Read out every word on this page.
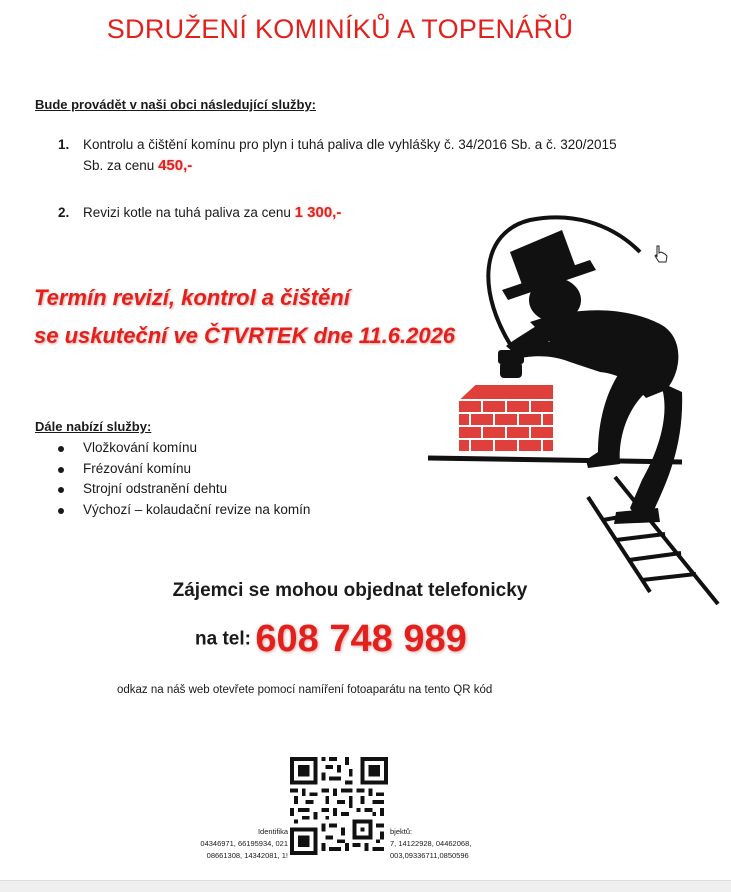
SDRUŽENÍ KOMINÍKŮ A TOPENÁŘŮ
Bude provádět v naši obci následující služby:
1. Kontrolu a čištění komínu pro plyn i tuhá paliva dle vyhlášky č. 34/2016 Sb. a č. 320/2015 Sb. za cenu 450,-
2. Revizi kotle na tuhá paliva za cenu 1 300,-
Termín revizí, kontrol a čištění
se uskuteční ve ČTVRTEK dne 11.6.2026
Dále nabízí služby:
Vložkování komínu
Frézování komínu
Strojní odstranění dehtu
Výchozí – kolaudační revize na komín
Zájemci se mohou objednat telefonicky
na tel: 608 748 989
odkaz na náš web otevřete pomocí namíření fotoaparátu na tento QR kód
Identifika
04346971, 66195934, 021
08661308, 14342081, 1!
bjektů:
7, 14122928, 04462068,
003,09336711,0850596
